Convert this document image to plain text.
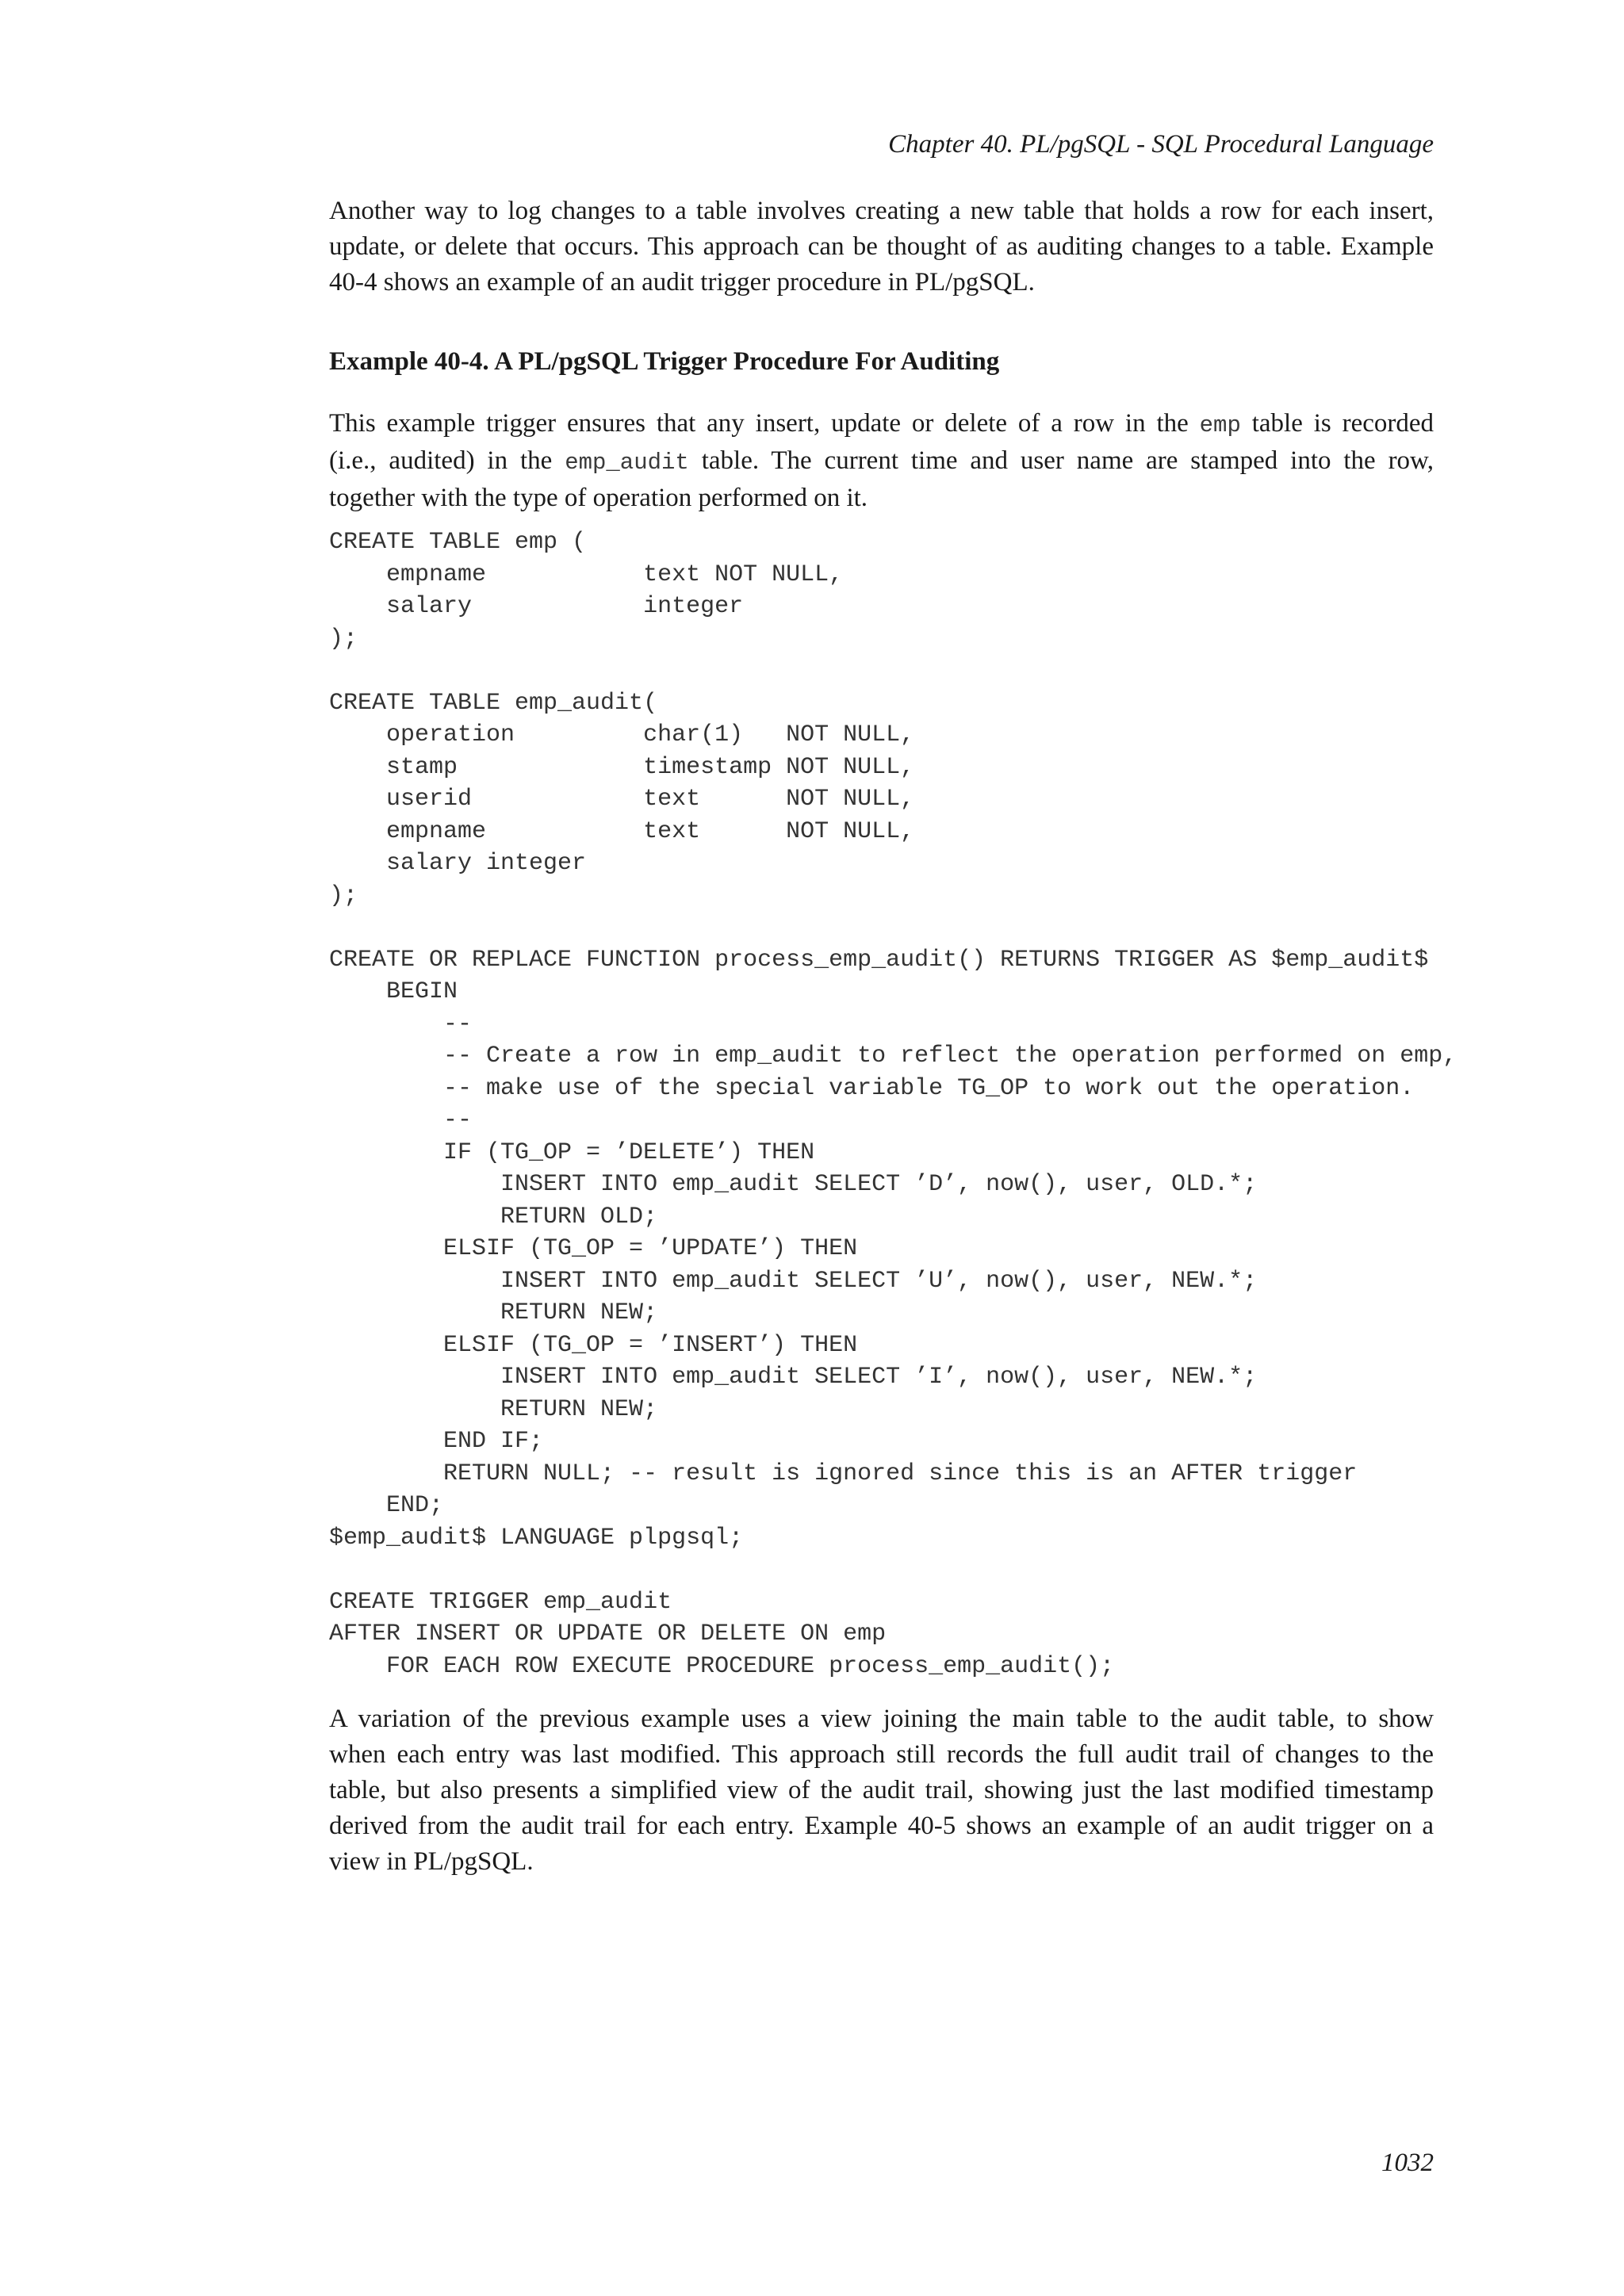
Chapter 40. PL/pgSQL - SQL Procedural Language

Another way to log changes to a table involves creating a new table that holds a row for each insert,
update, or delete that occurs. This approach can be thought of as auditing changes to a table. Example
40-4 shows an example of an audit trigger procedure in PL/pgSQL.

Example 40-4. A PL/pgSQL Trigger Procedure For Auditing

This example trigger ensures that any insert, update or delete of a row in the emp table is recorded
(i.e., audited) in the emp_audit table. The current time and user name are stamped into the row,
together with the type of operation performed on it.

CREATE TABLE emp (
empname           text NOT NULL,
salary            integer
);

CREATE TABLE emp_audit(
operation         char(1)   NOT NULL,
stamp             timestamp NOT NULL,
userid            text      NOT NULL,
empname           text      NOT NULL,
salary integer
);

CREATE OR REPLACE FUNCTION process_emp_audit() RETURNS TRIGGER AS $emp_audit$
BEGIN
--
-- Create a row in emp_audit to reflect the operation performed on emp,
-- make use of the special variable TG_OP to work out the operation.
--
IF (TG_OP = ’DELETE’) THEN
INSERT INTO emp_audit SELECT ’D’, now(), user, OLD.*;
RETURN OLD;
ELSIF (TG_OP = ’UPDATE’) THEN
INSERT INTO emp_audit SELECT ’U’, now(), user, NEW.*;
RETURN NEW;
ELSIF (TG_OP = ’INSERT’) THEN
INSERT INTO emp_audit SELECT ’I’, now(), user, NEW.*;
RETURN NEW;
END IF;
RETURN NULL; -- result is ignored since this is an AFTER trigger
END;
$emp_audit$ LANGUAGE plpgsql;

CREATE TRIGGER emp_audit
AFTER INSERT OR UPDATE OR DELETE ON emp
FOR EACH ROW EXECUTE PROCEDURE process_emp_audit();

A variation of the previous example uses a view joining the main table to the audit table, to show
when each entry was last modified. This approach still records the full audit trail of changes to the
table, but also presents a simplified view of the audit trail, showing just the last modified timestamp
derived from the audit trail for each entry. Example 40-5 shows an example of an audit trigger on a
view in PL/pgSQL.

1032
